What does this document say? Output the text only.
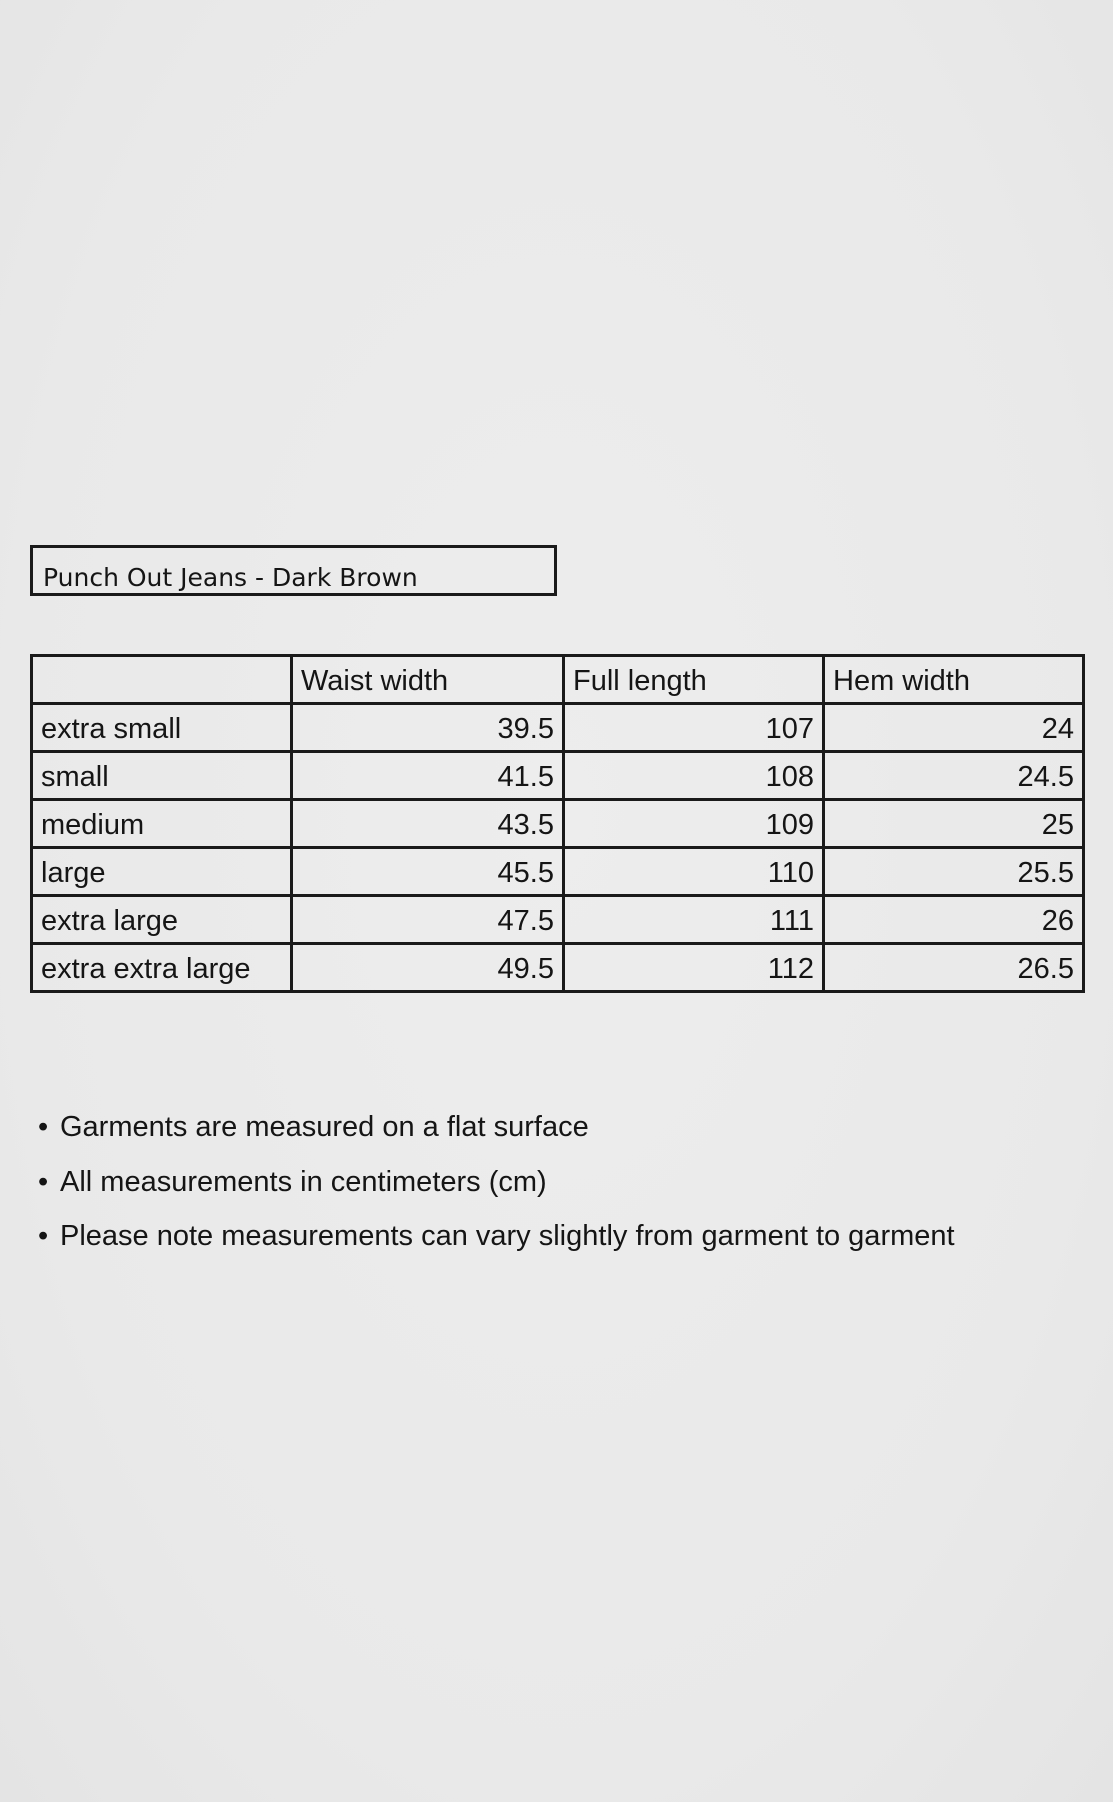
Punch Out Jeans - Dark Brown
	Waist width	Full length	Hem width
extra small	39.5	107	24
small	41.5	108	24.5
medium	43.5	109	25
large	45.5	110	25.5
extra large	47.5	111	26
extra extra large	49.5	112	26.5
• Garments are measured on a flat surface
• All measurements in centimeters (cm)
• Please note measurements can vary slightly from garment to garment
